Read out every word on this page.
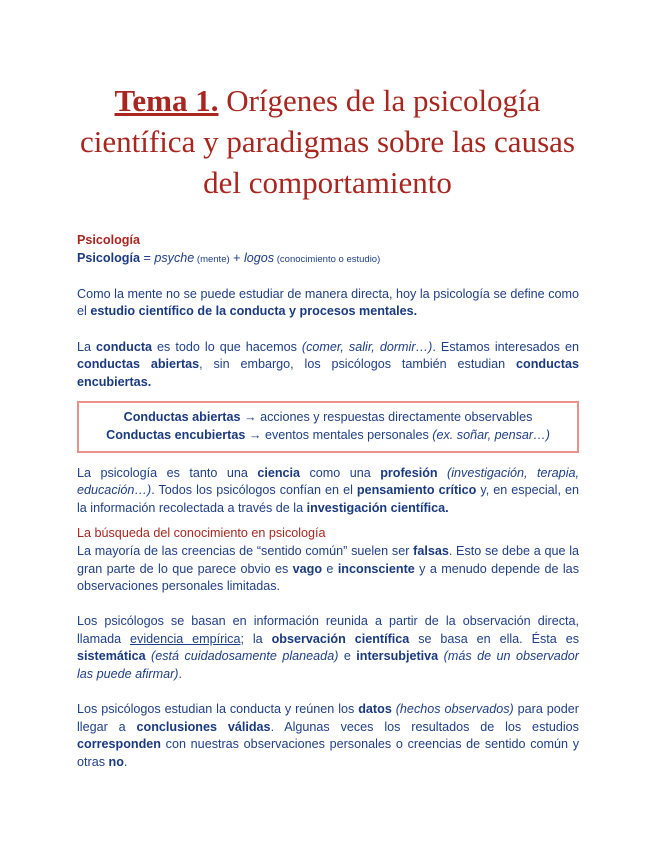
Tema 1. Orígenes de la psicología científica y paradigmas sobre las causas del comportamiento
Psicología

Psicología = psyche (mente) + logos (conocimiento o estudio)

Como la mente no se puede estudiar de manera directa, hoy la psicología se define como el estudio científico de la conducta y procesos mentales.

La conducta es todo lo que hacemos (comer, salir, dormir…). Estamos interesados en conductas abiertas, sin embargo, los psicólogos también estudian conductas encubiertas.

Conductas abiertas → acciones y respuestas directamente observables

Conductas encubiertas → eventos mentales personales (ex. soñar, pensar…)

La psicología es tanto una ciencia como una profesión (investigación, terapia, educación…). Todos los psicólogos confían en el pensamiento crítico y, en especial, en la información recolectada a través de la investigación científica.

La búsqueda del conocimiento en psicología

La mayoría de las creencias de “sentido común” suelen ser falsas. Esto se debe a que la gran parte de lo que parece obvio es vago e inconsciente y a menudo depende de las observaciones personales limitadas.

Los psicólogos se basan en información reunida a partir de la observación directa, llamada evidencia empírica; la observación científica se basa en ella. Ésta es sistemática (está cuidadosamente planeada) e intersubjetiva (más de un observador las puede afirmar).

Los psicólogos estudian la conducta y reúnen los datos (hechos observados) para poder llegar a conclusiones válidas. Algunas veces los resultados de los estudios corresponden con nuestras observaciones personales o creencias de sentido común y otras no.
